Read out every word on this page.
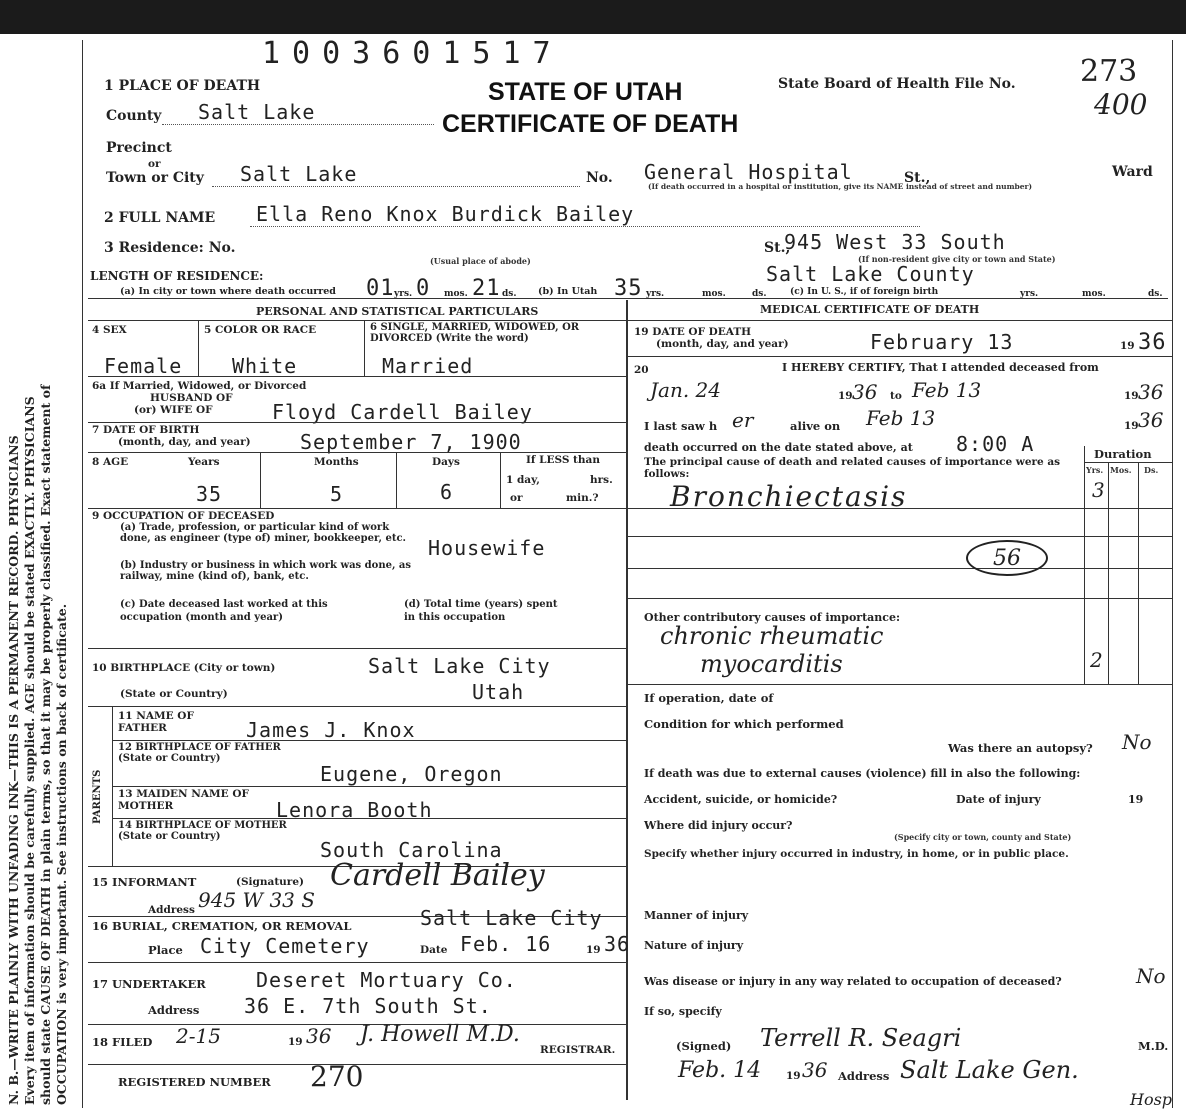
N. B.—WRITE PLAINLY WITH UNFADING INK—THIS IS A PERMANENT RECORD. PHYSICIANS Every item of information should be carefully supplied. AGE should be stated EXACTLY. PHYSICIANS should state CAUSE OF DEATH in plain terms, so that it may be properly classified. Exact statement of OCCUPATION is very important. See instructions on back of certificate.
1003601517
STATE OF UTAH
CERTIFICATE OF DEATH
State Board of Health File No. 273
400
1 PLACE OF DEATH
County Salt Lake
Precinct
or
Town or City Salt Lake	No. General Hospital	St.,	Ward
(If death occurred in a hospital or institution, give its NAME instead of street and number)
2 FULL NAME Ella Reno Knox Burdick Bailey
3 Residence: No.
(Usual place of abode)
St.,
945 West 33 South
(If non-resident give city or town and State)
Salt Lake County
LENGTH OF RESIDENCE:
(a) In city or town where death occurred 01 yrs. 0 mos. 21 ds. (b) In Utah 35 yrs.	mos.	ds.	(c) In U. S., if of foreign birth	yrs.	mos.	ds.
PERSONAL AND STATISTICAL PARTICULARS
4 SEX	5 COLOR OR RACE	6 SINGLE, MARRIED, WIDOWED, OR DIVORCED (Write the word)
Female White	Married
6a If Married, Widowed, or Divorced
HUSBAND OF
(or) WIFE OF	Floyd Cardell Bailey
7 DATE OF BIRTH
(month, day, and year) September 7, 1900
8 AGE	Years	Months	Days	If LESS than
1 day,	hrs.
or	min.?
35	5	6
9 OCCUPATION OF DECEASED
(a) Trade, profession, or particular kind of work done, as engineer (type of) miner, bookkeeper, etc. Housewife
(b) Industry or business in which work was done, as railway, mine (kind of), bank, etc.
(c) Date deceased last worked at this occupation (month and year)
(d) Total time (years) spent in this occupation
10 BIRTHPLACE (City or town)	Salt Lake City
(State or Country)	Utah
PARENTS
11 NAME OF FATHER	James J. Knox
12 BIRTHPLACE OF FATHER (State or Country)
Eugene, Oregon
13 MAIDEN NAME OF MOTHER	Lenora Booth
14 BIRTHPLACE OF MOTHER (State or Country)
South Carolina
15 INFORMANT	(Signature) Cardell Bailey
Address 945 W 33 S
16 BURIAL, CREMATION, OR REMOVAL	Salt Lake City
Place City Cemetery	Date Feb. 16	19 36
17 UNDERTAKER	Deseret Mortuary Co.
Address 36 E. 7th South St.
18 FILED 2-15	19 36 J. Howell M.D.
REGISTRAR.
REGISTERED NUMBER 270
MEDICAL CERTIFICATE OF DEATH
19 DATE OF DEATH
(month, day, and year)	February 13	19 36
20	I HEREBY CERTIFY, That I attended deceased from
Jan. 24	19 36 to Feb 13	19 36
I last saw h er	alive on Feb 13	19 36
death occurred on the date stated above, at 8:00 A
The principal cause of death and related causes of importance were as follows:
Duration
Yrs. Mos. Ds.
Bronchiectasis	3
56
Other contributory causes of importance:
chronic rheumatic
myocarditis	2
If operation, date of
Condition for which performed
Was there an autopsy? No
If death was due to external causes (violence) fill in also the following:
Accident, suicide, or homicide?	Date of injury	19
Where did injury occur?
(Specify city or town, county and State)
Specify whether injury occurred in industry, in home, or in public place.
Manner of injury
Nature of injury
Was disease or injury in any way related to occupation of deceased?	No
If so, specify
(Signed) Terrell R. Seagri	M.D.
Feb. 14 19 36 Address Salt Lake Gen.
Hosp
